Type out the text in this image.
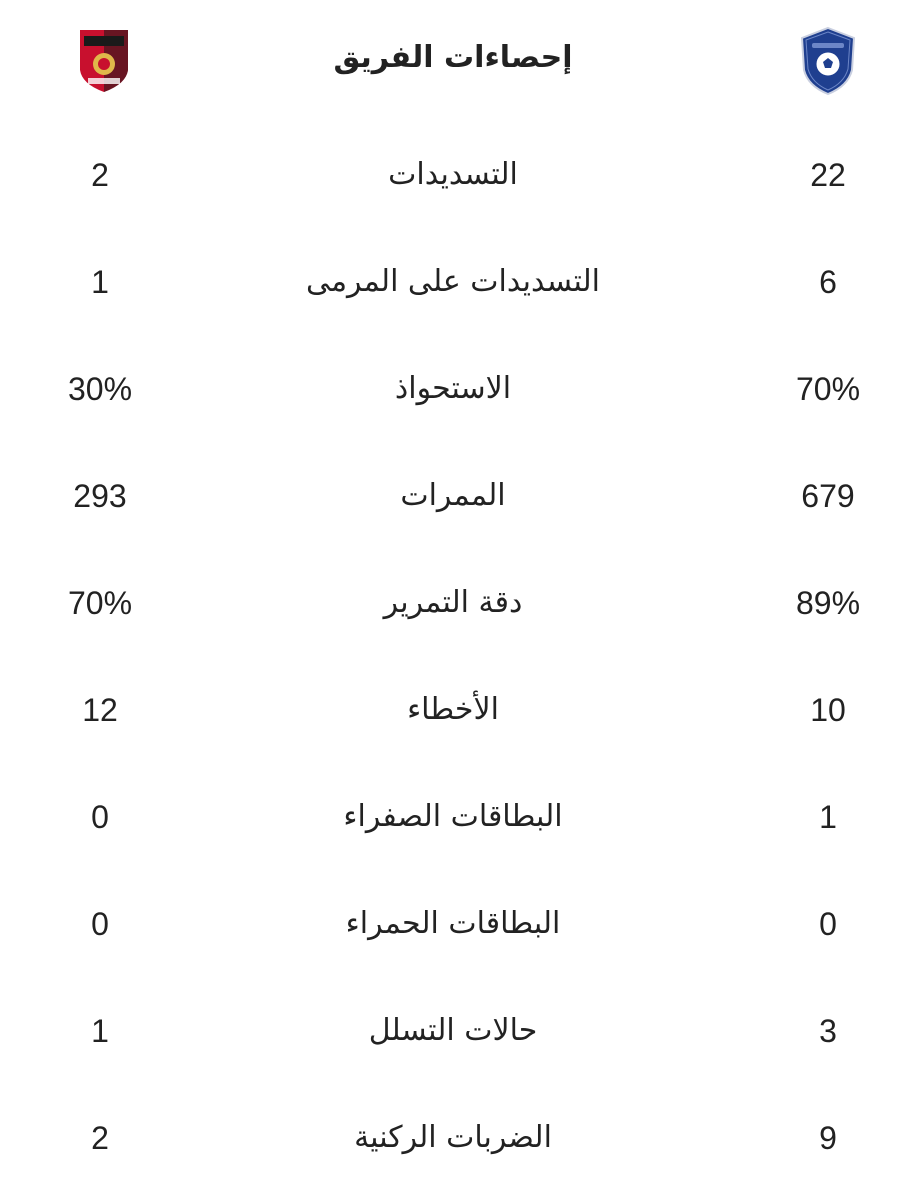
إحصاءات الفريق
22
التسديدات
2
6
التسديدات على المرمى
1
70%
الاستحواذ
30%
679
الممرات
293
89%
دقة التمرير
70%
10
الأخطاء
12
1
البطاقات الصفراء
0
0
البطاقات الحمراء
0
3
حالات التسلل
1
9
الضربات الركنية
2
